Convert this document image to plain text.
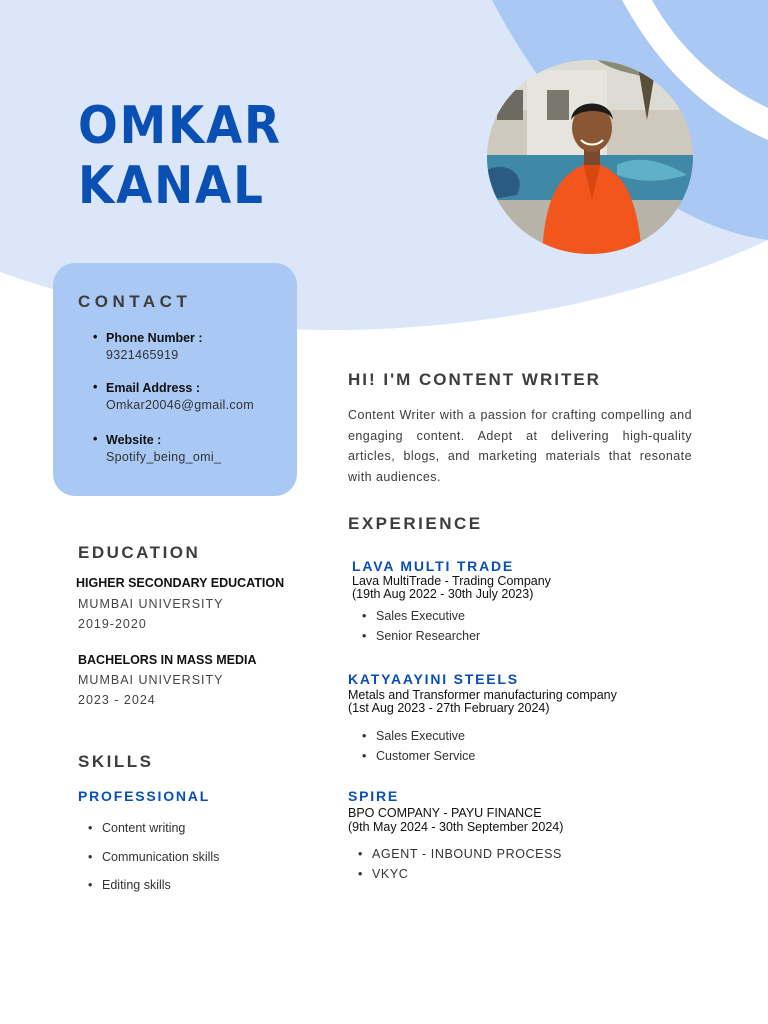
OMKAR
KANAL
CONTACT
• Phone Number :
9321465919
• Email Address :
Omkar20046@gmail.com
• Website :
Spotify_being_omi_
EDUCATION
HIGHER SECONDARY EDUCATION
MUMBAI UNIVERSITY
2019-2020
BACHELORS IN MASS MEDIA
MUMBAI UNIVERSITY
2023 - 2024
SKILLS
PROFESSIONAL
• Content writing
• Communication skills
• Editing skills
HI! I'M CONTENT WRITER
Content Writer with a passion for crafting compelling and engaging content. Adept at delivering high-quality articles, blogs, and marketing materials that resonate with audiences.
EXPERIENCE
LAVA MULTI TRADE
Lava MultiTrade - Trading Company
(19th Aug 2022 - 30th July 2023)
• Sales Executive
• Senior Researcher
KATYAAYINI STEELS
Metals and Transformer manufacturing company
(1st Aug 2023 - 27th February 2024)
• Sales Executive
• Customer Service
SPIRE
BPO COMPANY - PAYU FINANCE
(9th May 2024 - 30th September 2024)
• AGENT - INBOUND PROCESS
• VKYC
